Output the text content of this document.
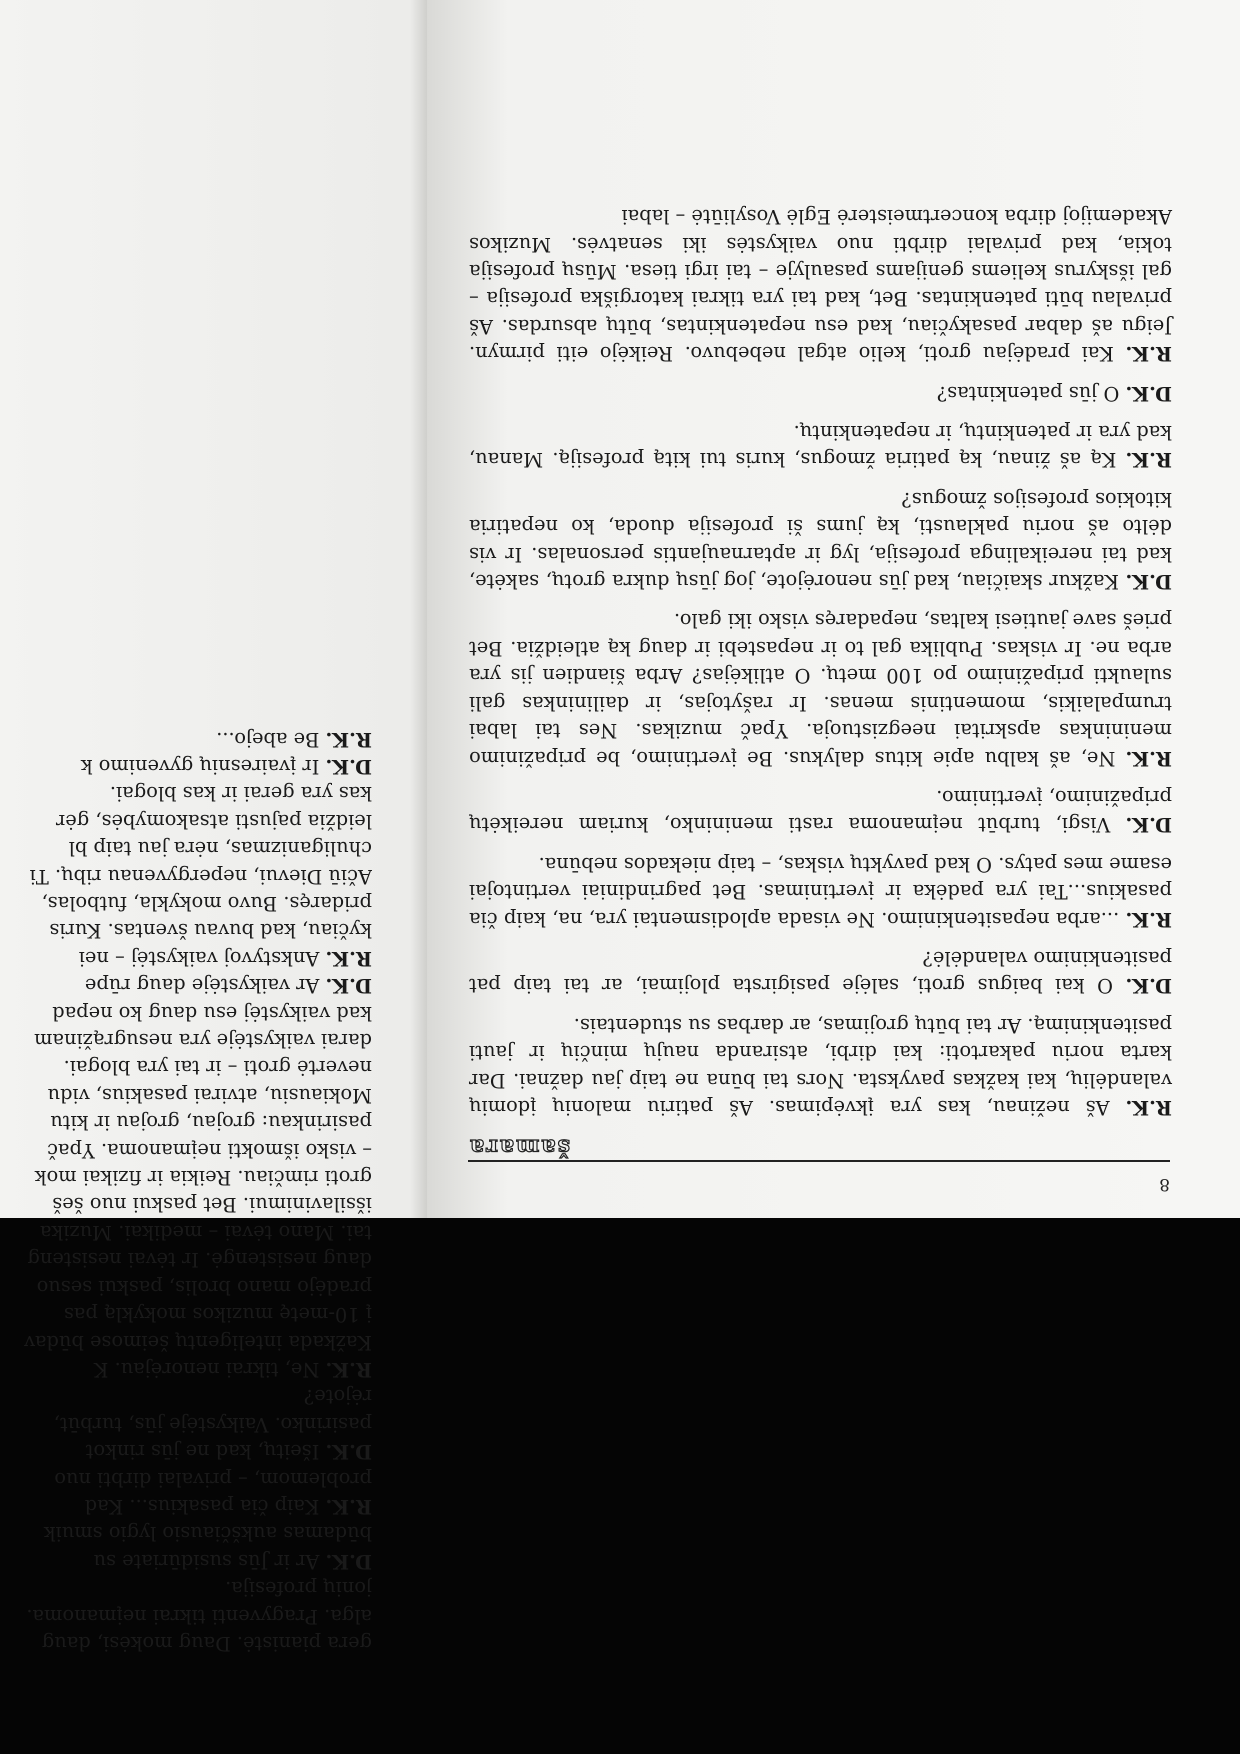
8
šamara

R.K. Aš nežinau, kas yra įkvėpimas. Aš patiriu malonių įdomių valandėlių, kai kažkas pavyksta. Nors tai būna ne taip jau dažnai. Dar karta noriu pakartoti: kai dirbi, atsiranda naujų minčių ir jauti pasitenkinimą. Ar tai būtų grojimas, ar darbas su studentais.

D.K. O kai baigus groti, salėje pasigirsta plojimai, ar tai taip pat pasitenkinimo valandėlė?

R.K. ...arba nepasitenkinimo. Ne visada aplodismentai yra, na, kaip čia pasakius...Tai yra padėka ir įvertinimas. Bet pagrindiniai vertintojai esame mes patys. O kad pavyktų viskas, – taip niekados nebūna.

D.K. Visgi, turbūt neįmanoma rasti menininko, kuriam nereikėtų pripažinimo, įvertinimo.

R.K. Ne, aš kalbu apie kitus dalykus. Be įvertinimo, be pripažinimo menininkas apskritai neegzistuoja. Ypač muzikas. Nes tai labai trumpalaikis, momentinis menas. Ir rašytojas, ir dailininkas gali sulaukti pripažinimo po 100 metų. O atlikėjas? Arba šiandien jis yra arba ne. Ir viskas. Publika gal to ir nepastebi ir daug ką atleidžia. Bet prieš save jautiesi kaltas, nepadaręs visko iki galo.

D.K. Kažkur skaičiau, kad jūs nenorėjote, jog jūsų dukra grotų, sakėte, kad tai nereikalinga profesija, lyg ir aptarnaujantis personalas. Ir vis dėlto aš noriu paklausti, ką jums ši profesija duoda, ko nepatiria kitokios profesijos žmogus?

R.K. Ką aš žinau, ką patiria žmogus, kuris tui kitą profesiją. Manau, kad yra ir patenkintų, ir nepatenkintų.

D.K. O jūs patenkintas?

R.K. Kai pradėjau groti, kelio atgal nebebuvo. Reikėjo eiti pirmyn. Jeigu aš dabar pasakyčiau, kad esu nepatenkintas, būtų absurdas. Aš privalau būti patenkintas. Bet, kad tai yra tikrai katorgiška profesija – gal išskyrus keliems genijams pasaulyje – tai irgi tiesa. Mūsų profesija tokia, kad privalai dirbti nuo vaikystės iki senatvės. Muzikos Akademijoj dirba koncertmeisterė Eglė Vosyliūtė – labai

gera pianistė. Daug mokėsi, daug
alga. Pragyventi tikrai neįmanoma.
jonių profesija.
D.K. Ar ir Jūs susidūriate su
būdamas aukščiausio lygio smuik
R.K. Kaip čia pasakius... Kad
problemom, – privalai dirbti nuo
D.K. Išeitų, kad ne jūs rinkot
pasirinko. Vaikystėje jūs, turbūt,
rėjote?
R.K. Ne, tikrai nenorėjau. K
Kažkada inteligentų šeimose būdav
į 10-metę muzikos mokyklą pas
pradėjo mano brolis, paskui sesuo
daug nesistengė. Ir tėvai nesisteng
tai. Mano tėvai – medikai. Muzika
išsilavinimui. Bet paskui nuo šeš
groti rimčiau. Reikia ir fizikai mok
– visko išmokti neįmanoma. Ypač
pasirinkau: grojau, grojau ir kitu
Mokiausiu, atvirai pasakius, vidu
nevertė groti – ir tai yra blogai.
darai vaikystėje yra nesugrąžinam
kad vaikystėj esu daug ko nepad
D.K. Ar vaikystėje daug rūpe
R.K. Ankstyvoj vaikystėj – nei
kyčiau, kad buvau šventas. Kuris
pridaręs. Buvo mokykla, futbolas,
Ačiū Dievui, nepergyvenau ribų. Ti
chuliganizmas, nėra jau taip bl
leidžia pajusti atsakomybės, gėr
kas yra gerai ir kas blogai.
D.K. Ir įvairesnių gyvenimo k
R.K. Be abejo...
